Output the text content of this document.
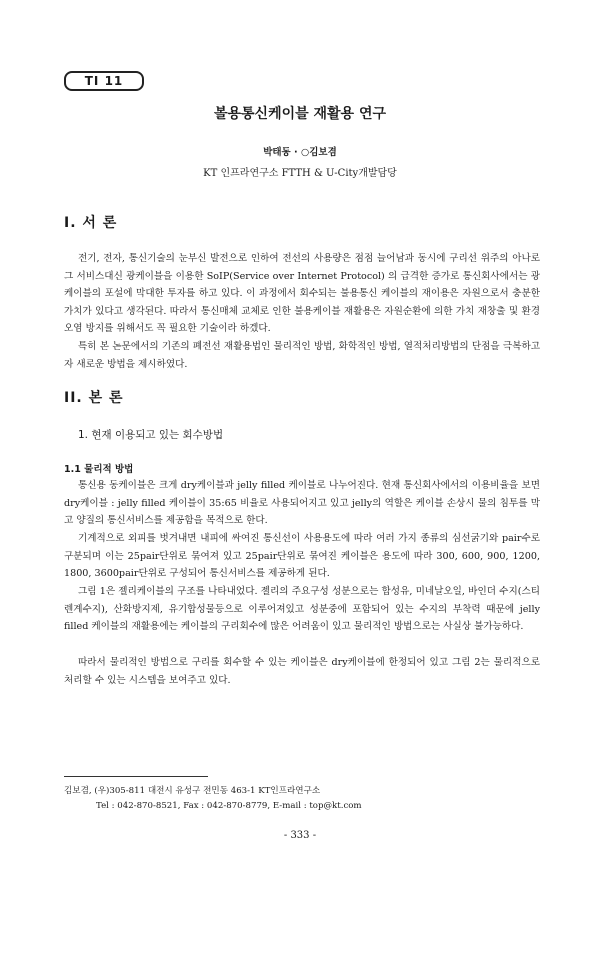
TI 11
볼용통신케이블 재활용 연구
박태동 · ○김보겸
KT 인프라연구소 FTTH & U-City개발담당
I. 서 론

전기, 전자, 통신기술의 눈부신 발전으로 인하여 전선의 사용량은 점점 늘어남과 동시에 구리선 위주의 아나로그 서비스대신 광케이블을 이용한 SoIP(Service over Internet Protocol) 의 급격한 증가로 통신회사에서는 광케이블의 포설에 막대한 투자를 하고 있다. 이 과정에서 회수되는 불용통신 케이블의 재이용은 자원으로서 충분한 가치가 있다고 생각된다. 따라서 통신매체 교체로 인한 불용케이블 재활용은 자원순환에 의한 가치 재창출 및 환경오염 방지를 위해서도 꼭 필요한 기술이라 하겠다.

특히 본 논문에서의 기존의 폐전선 재활용법인 물리적인 방법, 화학적인 방법, 열적처리방법의 단점을 극복하고자 새로운 방법을 제시하였다.

II. 본 론
1. 현재 이용되고 있는 회수방법
1.1 물리적 방법

통신용 동케이블은 크게 dry케이블과 jelly filled 케이블로 나누어진다. 현재 통신회사에서의 이용비율을 보면 dry케이블 : jelly filled 케이블이 35:65 비율로 사용되어지고 있고 jelly의 역할은 케이블 손상시 물의 침투를 막고 양질의 통신서비스를 제공함을 목적으로 한다.

기계적으로 외피를 벗겨내면 내피에 싸여진 통신선이 사용용도에 따라 여러 가지 종류의 심선굵기와 pair수로 구분되며 이는 25pair단위로 묶여져 있고 25pair단위로 묶여진 케이블은 용도에 따라 300, 600, 900, 1200, 1800, 3600pair단위로 구성되어 통신서비스를 제공하게 된다.

그림 1은 젤리케이블의 구조를 나타내었다. 젤리의 주요구성 성분으로는 합성유, 미네날오일, 바인더 수지(스티렌계수지), 산화방지제, 유기합성물등으로 이루어져있고 성분중에 포함되어 있는 수지의 부착력 때문에 jelly filled 케이블의 재활용에는 케이블의 구리회수에 많은 어려움이 있고 물리적인 방법으로는 사실상 불가능하다.

따라서 물리적인 방법으로 구리를 회수할 수 있는 케이블은 dry케이블에 한정되어 있고 그림 2는 물리적으로 처리할 수 있는 시스템을 보여주고 있다.

김보겸, (우)305-811 대전시 유성구 전민동 463-1 KT인프라연구소
Tel : 042-870-8521, Fax : 042-870-8779, E-mail : top@kt.com
- 333 -
